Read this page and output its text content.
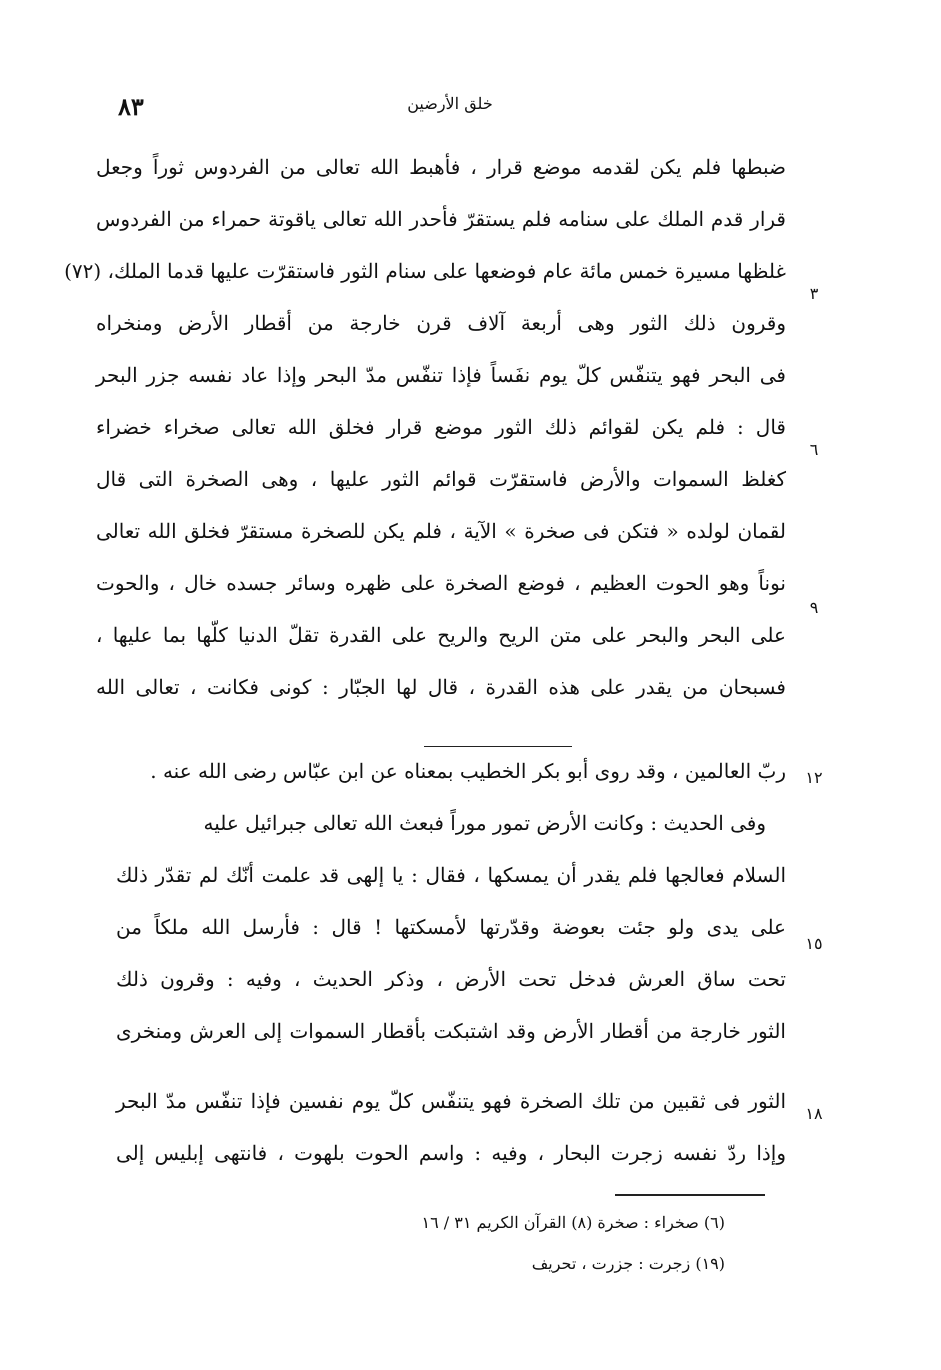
٨٣	خلق الأرضين
ضبطها فلم يكن لقدمه موضع قرار ، فأهبط الله تعالى من الفردوس ثوراً وجعل
قرار قدم الملك على سنامه فلم يستقرّ فأحدر الله تعالى ياقوتة حمراء من الفردوس
غلظها مسيرة خمس مائة عام فوضعها على سنام الثور فاستقرّت عليها قدما الملك، (٧٢)
وقرون ذلك الثور وهى أربعة آلاف قرن خارجة من أقطار الأرض ومنخراه
فى البحر فهو يتنفّس كلّ يوم نفَساً فإذا تنفّس مدّ البحر وإذا عاد نفسه جزر البحر
قال : فلم يكن لقوائم ذلك الثور موضع قرار فخلق الله تعالى صخراء خضراء
كغلظ السموات والأرض فاستقرّت قوائم الثور عليها ، وهى الصخرة التى قال
لقمان لولده « فتكن فى صخرة » الآية ، فلم يكن للصخرة مستقرّ فخلق الله تعالى
نوناً وهو الحوت العظيم ، فوضع الصخرة على ظهره وسائر جسده خال ، والحوت
على البحر والبحر على متن الريح والريح على القدرة تقلّ الدنيا كلّها بما عليها ،
فسبحان من يقدر على هذه القدرة ، قال لها الجبّار : كونى فكانت ، تعالى الله
ربّ العالمين ، وقد روى أبو بكر الخطيب بمعناه عن ابن عبّاس رضى الله عنه .
وفى الحديث : وكانت الأرض تمور موراً فبعث الله تعالى جبرائيل عليه
السلام فعالجها فلم يقدر أن يمسكها ، فقال : يا إلهى قد علمت أنّك لم تقدّر ذلك
على يدى ولو جئت بعوضة وقدّرتها لأمسكتها ! قال : فأرسل الله ملكاً من
تحت ساق العرش فدخل تحت الأرض ، وذكر الحديث ، وفيه : وقرون ذلك
الثور خارجة من أقطار الأرض وقد اشتبكت بأقطار السموات إلى العرش ومنخرى
الثور فى ثقبين من تلك الصخرة فهو يتنفّس كلّ يوم نفسين فإذا تنفّس مدّ البحر
وإذا ردّ نفسه زجرت البحار ، وفيه : واسم الحوت بلهوت ، فانتهى إبليس إلى
٣
٦
٩
١٢
١٥
١٨
(٦) صخراء : صخرة (٨) القرآن الكريم ٣١ / ١٦
(١٩) زجرت : جزرت ، تحريف
